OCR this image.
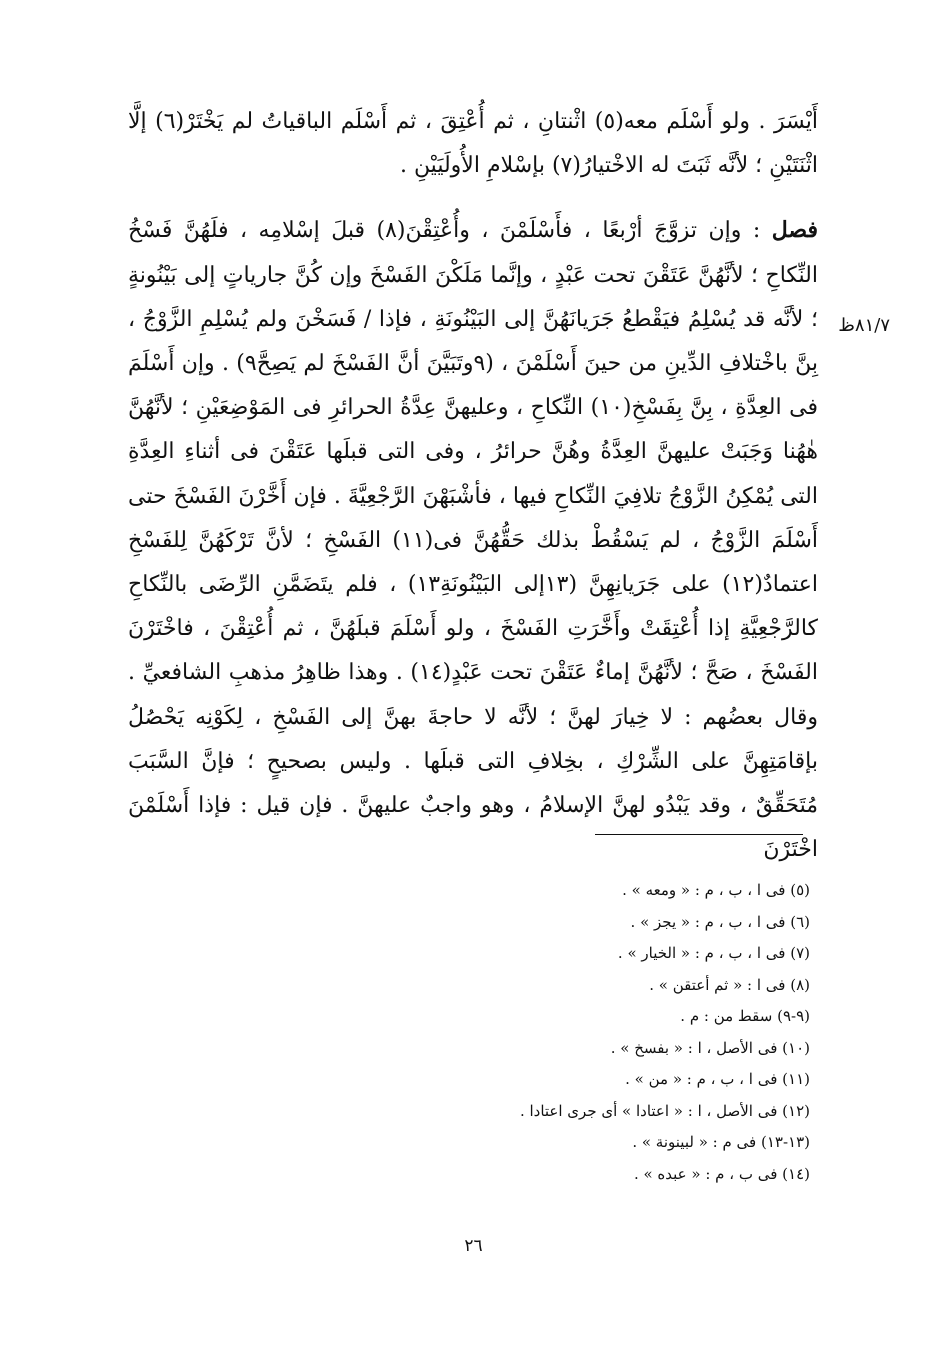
أَيْسَرَ . ولو أَسْلَم معه(٥) اثْنتانِ ، ثم أُعْتِقَ ، ثم أَسْلَم الباقياتُ لم يَخْتَرْ(٦) إلَّا اثْنَتَيْنِ ؛ لأنَّه ثَبَتَ له الاخْتيارُ(٧) بإسْلامِ الأُولَيَيْنِ .

فصل : وإن تزوَّجَ أرْبعًا ، فأَسْلَمْنَ ، وأُعْتِقْنَ(٨) قبلَ إسْلامِه ، فلَهُنَّ فَسْخُ النِّكاحِ ؛ لأنَّهُنَّ عَتَقْنَ تحت عَبْدٍ ، وإنَّما مَلَكْنَ الفَسْخَ وإن كُنَّ جارياتٍ إلى بَيْنُونةٍ ؛ لأنَّه قد يُسْلِمُ فيَقْطعُ جَرَيانَهُنَّ إلى البَيْنُونَةِ ، فإذا / فَسَخْنَ ولم يُسْلِمِ الزَّوْجُ ، بِنَّ باخْتلافِ الدِّينِ من حينَ أَسْلَمْنَ ، (٩وتَبَيَّنَ أنَّ الفَسْخَ لم يَصِحَّ٩) . وإن أَسْلَمَ فى العِدَّةِ ، بِنَّ بِفَسْخِ(١٠) النِّكاحِ ، وعليهنَّ عِدَّةُ الحرائرِ فى المَوْضِعَيْنِ ؛ لأنَّهُنَّ هٰهُنا وَجَبَتْ عليهنَّ العِدَّةُ وهُنَّ حرائرُ ، وفى التى قبلَها عَتَقْنَ فى أثناءِ العِدَّةِ التى يُمْكِنُ الزَّوْجُ تلافِيَ النِّكاحِ فيها ، فأشْبَهْنَ الرَّجْعِيَّةَ . فإن أَخَّرْنَ الفَسْخَ حتى أَسْلَمَ الزَّوْجُ ، لم يَسْقُطْ بذلك حَقُّهُنَّ فى(١١) الفَسْخِ ؛ لأنَّ تَرْكَهُنَّ لِلفَسْخِ اعتمادٌ(١٢) على جَرَيانِهِنَّ (١٣إلى البَيْنُونَةِ١٣) ، فلم يتَضَمَّنِ الرِّضَى بالنِّكاحِ كالرَّجْعِيَّةِ إذا أُعْتِقَتْ وأَخَّرَتِ الفَسْخَ ، ولو أَسْلَمَ قبلَهُنَّ ، ثم أُعْتِقْنَ ، فاخْتَرْنَ الفَسْخَ ، صَحَّ ؛ لأنَّهُنَّ إماءٌ عَتَقْنَ تحت عَبْدٍ(١٤) . وهذا ظاهِرُ مذهبِ الشافعيِّ . وقال بعضُهم : لا خِيارَ لهنَّ ؛ لأنَّه لا حاجةَ بهنَّ إلى الفَسْخِ ، لِكَوْنِه يَحْصُلُ بإقامَتِهِنَّ على الشِّرْكِ ، بخِلافِ التى قبلَها . وليس بصحيحٍ ؛ فإنَّ السَّبَبَ مُتَحَقِّقٌ ، وقد يَبْدُو لهنَّ الإسلامُ ، وهو واجبٌ عليهنَّ . فإن قيل : فإذا أَسْلَمْنَ اخْتَرْنَ

٨١/٧ظ
(٥) فى ا ، ب ، م : « ومعه » .
(٦) فى ا ، ب ، م : « يجز » .
(٧) فى ا ، ب ، م : « الخيار » .
(٨) فى ا : « ثم أعتقن » .
(٩-٩) سقط من : م .
(١٠) فى الأصل ، ا : « بفسخ » .
(١١) فى ا ، ب ، م : « من » .
(١٢) فى الأصل ، ا : « اعتادا » أى جرى اعتادا .
(١٣-١٣) فى م : « لبينونة » .
(١٤) فى ب ، م : « عبده » .
٢٦
